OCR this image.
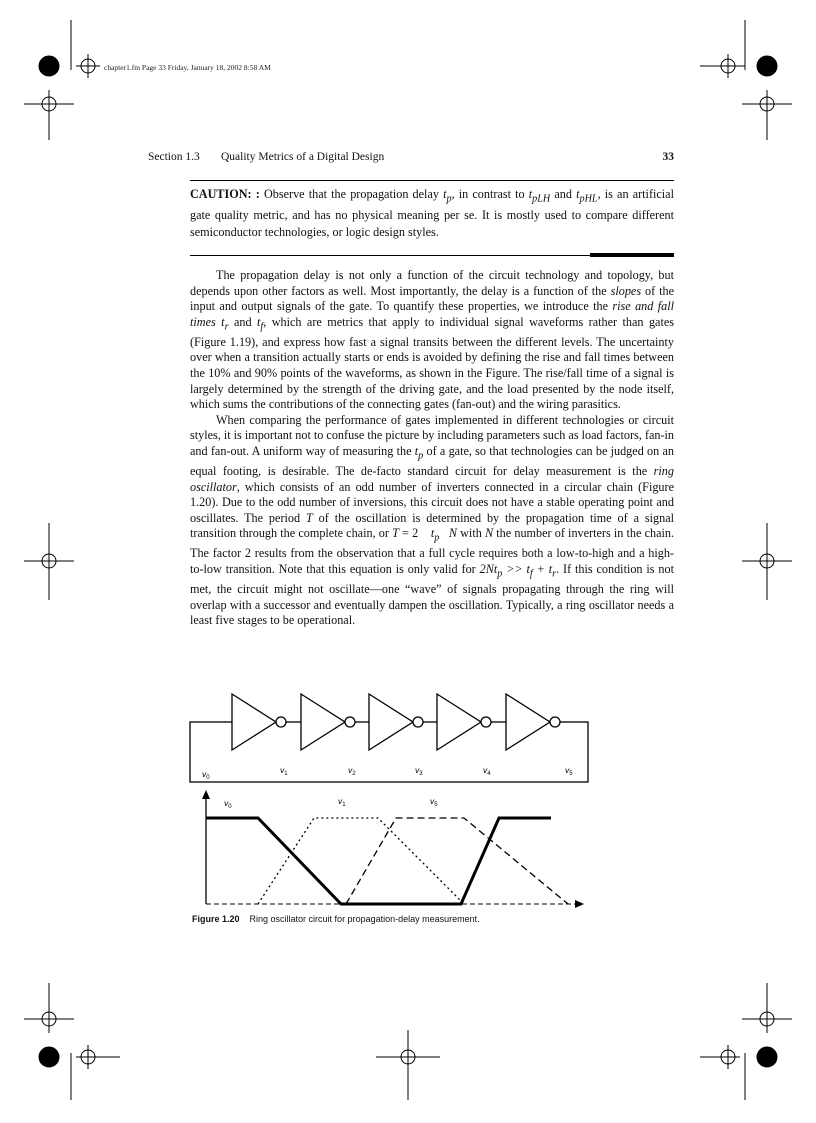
chapter1.fm Page 33 Friday, January 18, 2002 8:58 AM
Section 1.3 Quality Metrics of a Digital Design	33
CAUTION: : Observe that the propagation delay $t_p$, in contrast to $t_{pLH}$ and $t_{pHL}$, is an artificial gate quality metric, and has no physical meaning per se. It is mostly used to compare different semiconductor technologies, or logic design styles.

The propagation delay is not only a function of the circuit technology and topology, but depends upon other factors as well. Most importantly, the delay is a function of the slopes of the input and output signals of the gate. To quantify these properties, we introduce the rise and fall times $t_r$ and $t_f$, which are metrics that apply to individual signal waveforms rather than gates (Figure 1.19), and express how fast a signal transits between the different levels. The uncertainty over when a transition actually starts or ends is avoided by defining the rise and fall times between the 10% and 90% points of the waveforms, as shown in the Figure. The rise/fall time of a signal is largely determined by the strength of the driving gate, and the load presented by the node itself, which sums the contributions of the connecting gates (fan-out) and the wiring parasitics.

When comparing the performance of gates implemented in different technologies or circuit styles, it is important not to confuse the picture by including parameters such as load factors, fan-in and fan-out. A uniform way of measuring the $t_p$ of a gate, so that technologies can be judged on an equal footing, is desirable. The de-facto standard circuit for delay measurement is the ring oscillator, which consists of an odd number of inverters connected in a circular chain (Figure 1.20). Due to the odd number of inversions, this circuit does not have a stable operating point and oscillates. The period T of the oscillation is determined by the propagation time of a signal transition through the complete chain, or T = 2    $t_p$ N with N the number of inverters in the chain. The factor 2 results from the observation that a full cycle requires both a low-to-high and a high-to-low transition. Note that this equation is only valid for $2Nt_p >> t_f + t_r$. If this condition is not met, the circuit might not oscillate—one “wave” of signals propagating through the ring will overlap with a successor and eventually dampen the oscillation. Typically, a ring oscillator needs a least five stages to be operational.

$v_0$
$v_1$	$v_2$	$v_3$	$v_4$	$v_5$
$v_0$
$v_1$	$v_5$
Figure 1.20 Ring oscillator circuit for propagation-delay measurement.
